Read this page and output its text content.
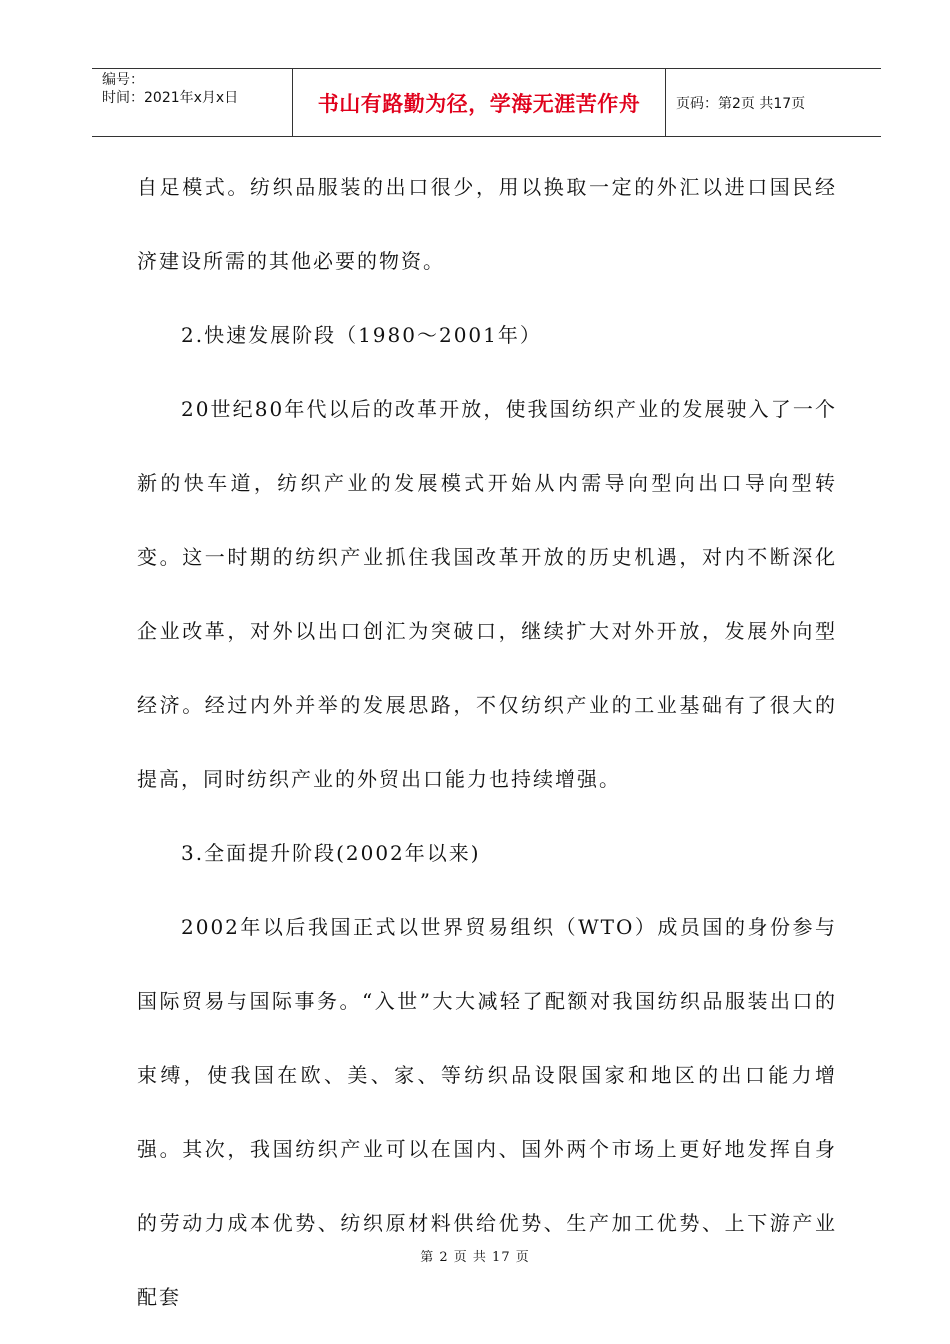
编号：
时间：2021年x月x日	书山有路勤为径，学海无涯苦作舟	页码：第2页 共17页

自足模式。纺织品服装的出口很少，用以换取一定的外汇以进口国民经济建设所需的其他必要的物资。

2.快速发展阶段（1980～2001年）

20世纪80年代以后的改革开放，使我国纺织产业的发展驶入了一个新的快车道，纺织产业的发展模式开始从内需导向型向出口导向型转变。这一时期的纺织产业抓住我国改革开放的历史机遇，对内不断深化企业改革，对外以出口创汇为突破口，继续扩大对外开放，发展外向型经济。经过内外并举的发展思路，不仅纺织产业的工业基础有了很大的提高，同时纺织产业的外贸出口能力也持续增强。

3.全面提升阶段(2002年以来)

2002年以后我国正式以世界贸易组织（WTO）成员国的身份参与国际贸易与国际事务。“入世”大大减轻了配额对我国纺织品服装出口的束缚，使我国在欧、美、家、等纺织品设限国家和地区的出口能力增强。其次，我国纺织产业可以在国内、国外两个市场上更好地发挥自身的劳动力成本优势、纺织原材料供给优势、生产加工优势、上下游产业配套

第 2 页 共 17 页
